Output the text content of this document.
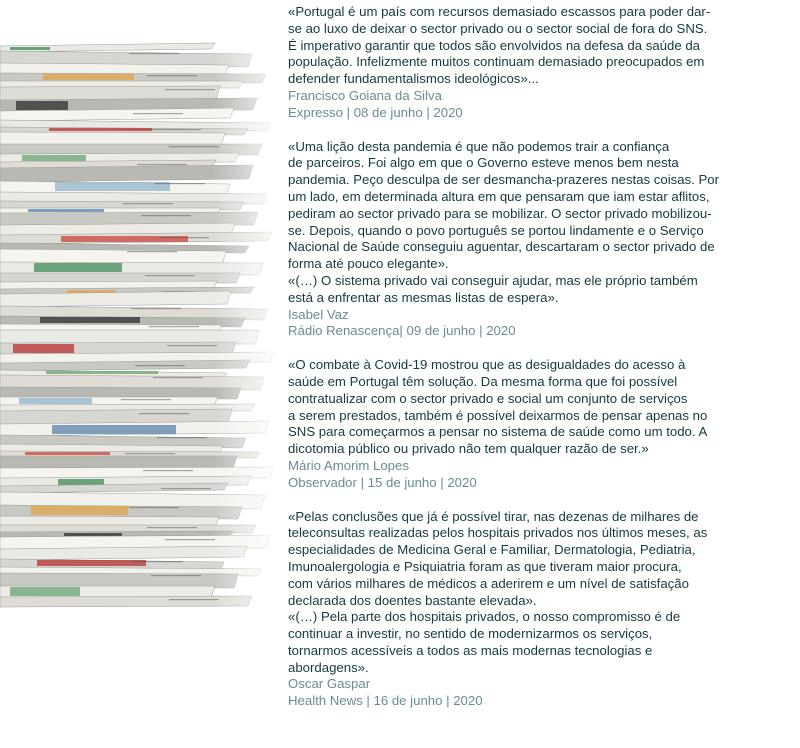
«Portugal é um país com recursos demasiado escassos para poder dar-
se ao luxo de deixar o sector privado ou o sector social de fora do SNS.
É imperativo garantir que todos são envolvidos na defesa da saúde da
população. Infelizmente muitos continuam demasiado preocupados em
defender fundamentalismos ideológicos»...

Francisco Goiana da Silva

Expresso | 08 de junho | 2020

«Uma lição desta pandemia é que não podemos trair a confiança
de parceiros. Foi algo em que o Governo esteve menos bem nesta
pandemia. Peço desculpa de ser desmancha-prazeres nestas coisas. Por
um lado, em determinada altura em que pensaram que iam estar aflitos,
pediram ao sector privado para se mobilizar. O sector privado mobilizou-
se. Depois, quando o povo português se portou lindamente e o Serviço
Nacional de Saúde conseguiu aguentar, descartaram o sector privado de
forma até pouco elegante».
«(…) O sistema privado vai conseguir ajudar, mas ele próprio também
está a enfrentar as mesmas listas de espera».

Isabel Vaz

Rádio Renascença| 09 de junho | 2020

«O combate à Covid-19 mostrou que as desigualdades do acesso à
saúde em Portugal têm solução. Da mesma forma que foi possível
contratualizar com o sector privado e social um conjunto de serviços
a serem prestados, também é possível deixarmos de pensar apenas no
SNS para começarmos a pensar no sistema de saúde como um todo. A
dicotomia público ou privado não tem qualquer razão de ser.»

Mário Amorim Lopes

Observador | 15 de junho | 2020

«Pelas conclusões que já é possível tirar, nas dezenas de milhares de
teleconsultas realizadas pelos hospitais privados nos últimos meses, as
especialidades de Medicina Geral e Familiar, Dermatologia, Pediatria,
Imunoalergologia e Psiquiatria foram as que tiveram maior procura,
com vários milhares de médicos a aderirem e um nível de satisfação
declarada dos doentes bastante elevada».
«(…) Pela parte dos hospitais privados, o nosso compromisso é de
continuar a investir, no sentido de modernizarmos os serviços,
tornarmos acessíveis a todos as mais modernas tecnologias e
abordagens».

Oscar Gaspar

Health News | 16 de junho | 2020
